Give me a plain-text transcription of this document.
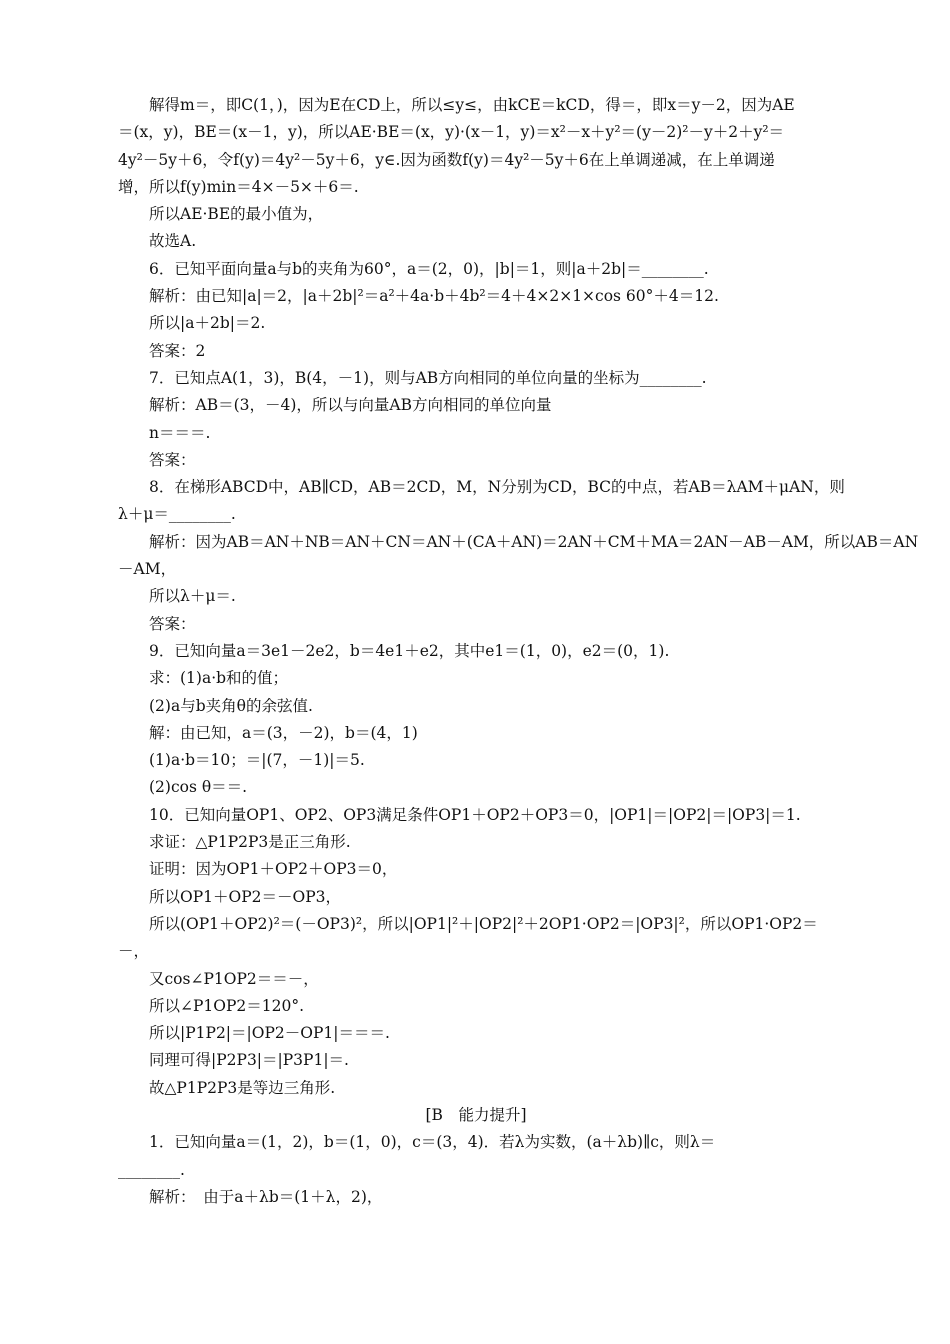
解得m＝，即C(1，)，因为E在CD上，所以≤y≤，由kCE＝kCD，得＝，即x＝y－2，因为AE
＝(x，y)，BE＝(x－1，y)，所以AE·BE＝(x，y)·(x－1，y)＝x²－x＋y²＝(y－2)²－y＋2＋y²＝
4y²－5y＋6，令f(y)＝4y²－5y＋6，y∈.因为函数f(y)＝4y²－5y＋6在上单调递减，在上单调递
增，所以f(y)min＝4×－5×＋6＝.
所以AE·BE的最小值为，
故选A.
6．已知平面向量a与b的夹角为60°，a＝(2，0)，|b|＝1，则|a＋2b|＝________.
解析：由已知|a|＝2，|a＋2b|²＝a²＋4a·b＋4b²＝4＋4×2×1×cos 60°＋4＝12.
所以|a＋2b|＝2.
答案：2
7．已知点A(1，3)，B(4，－1)，则与AB方向相同的单位向量的坐标为________.
解析：AB＝(3，－4)，所以与向量AB方向相同的单位向量
n＝＝＝.
答案：
8．在梯形ABCD中，AB∥CD，AB＝2CD，M，N分别为CD，BC的中点，若AB＝λAM＋μAN，则
λ＋μ＝________.
解析：因为AB＝AN＋NB＝AN＋CN＝AN＋(CA＋AN)＝2AN＋CM＋MA＝2AN－AB－AM，所以AB＝AN
－AM，
所以λ＋μ＝.
答案：
9．已知向量a＝3e1－2e2，b＝4e1＋e2，其中e1＝(1，0)，e2＝(0，1).
求：(1)a·b和的值；
(2)a与b夹角θ的余弦值.
解：由已知，a＝(3，－2)，b＝(4，1)
(1)a·b＝10；＝|(7，－1)|＝5.
(2)cos θ＝＝.
10．已知向量OP1、OP2、OP3满足条件OP1＋OP2＋OP3＝0，|OP1|＝|OP2|＝|OP3|＝1.
求证：△P1P2P3是正三角形.
证明：因为OP1＋OP2＋OP3＝0，
所以OP1＋OP2＝－OP3，
所以(OP1＋OP2)²＝(－OP3)²，所以|OP1|²＋|OP2|²＋2OP1·OP2＝|OP3|²，所以OP1·OP2＝
－，
又cos∠P1OP2＝＝－，
所以∠P1OP2＝120°.
所以|P1P2|＝|OP2－OP1|＝＝＝.
同理可得|P2P3|＝|P3P1|＝.
故△P1P2P3是等边三角形.
[B　能力提升]
1．已知向量a＝(1，2)，b＝(1，0)，c＝(3，4)．若λ为实数，(a＋λb)∥c，则λ＝
________.
解析：　由于a＋λb＝(1＋λ，2)，
